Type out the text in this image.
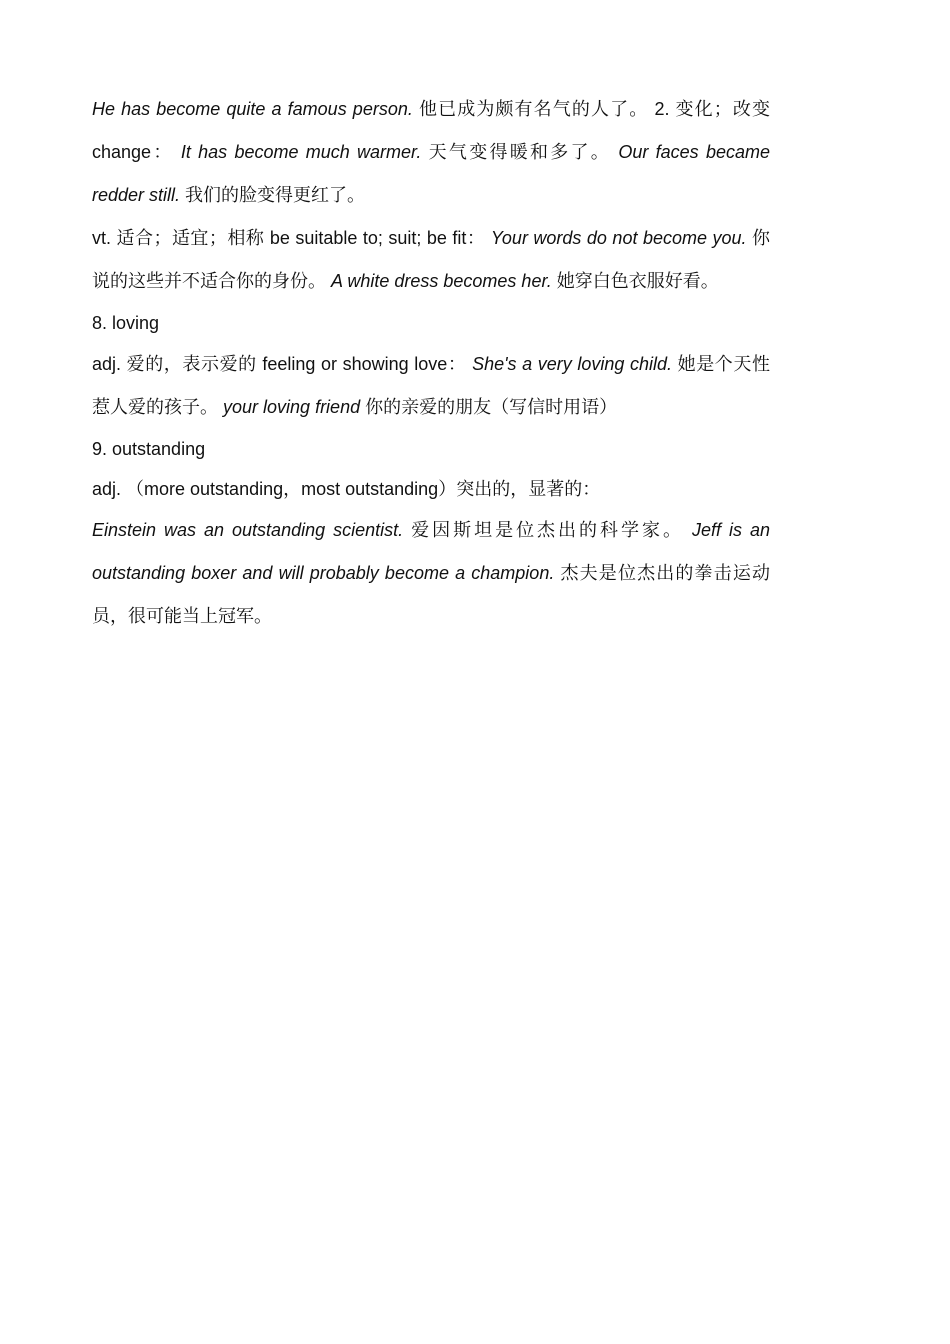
He has become quite a famous person. 他已成为颇有名气的人了。 2. 变化；改变 change： It has become much warmer. 天气变得暖和多了。 Our faces became redder still. 我们的脸变得更红了。

vt. 适合；适宜；相称 be suitable to; suit; be fit： Your words do not become you. 你说的这些并不适合你的身份。 A white dress becomes her. 她穿白色衣服好看。

8. loving

adj. 爱的，表示爱的 feeling or showing love： She's a very loving child. 她是个天性惹人爱的孩子。 your loving friend 你的亲爱的朋友（写信时用语）

9. outstanding

adj. （more outstanding，most outstanding）突出的，显著的：

Einstein was an outstanding scientist. 爱因斯坦是位杰出的科学家。 Jeff is an outstanding boxer and will probably become a champion. 杰夫是位杰出的拳击运动员，很可能当上冠军。
